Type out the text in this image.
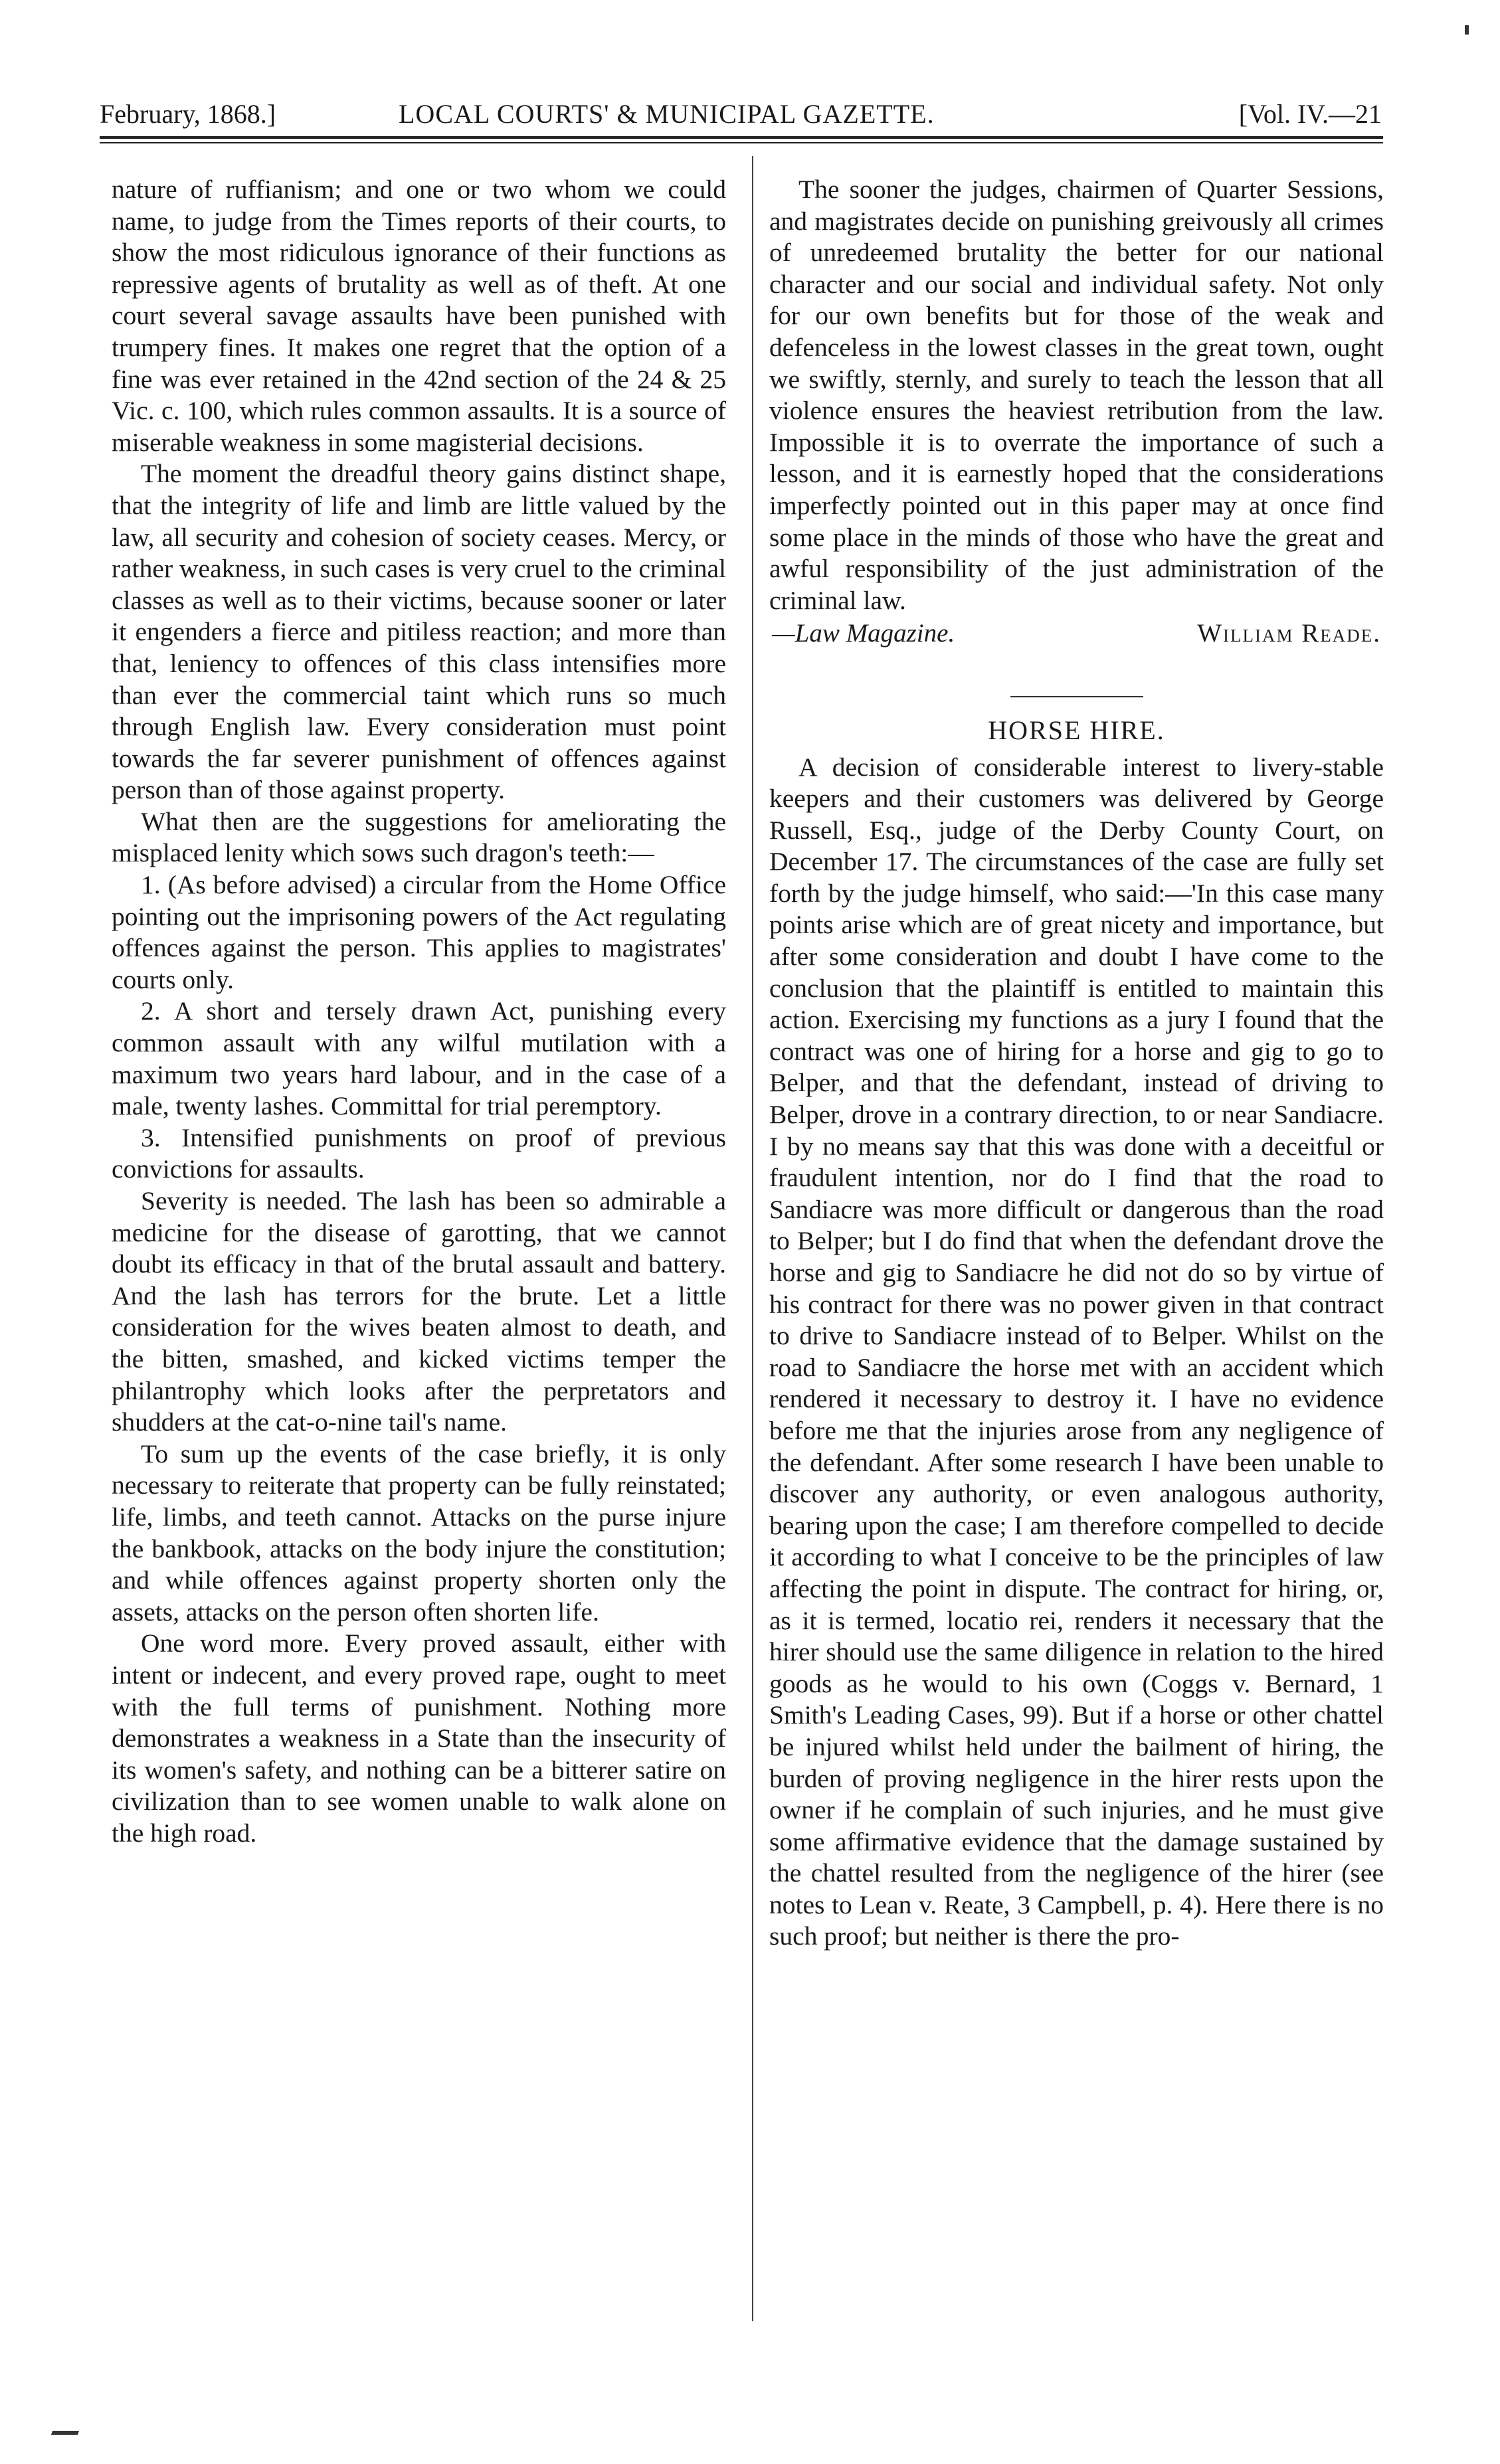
February, 1868.]	LOCAL COURTS' & MUNICIPAL GAZETTE.	[Vol. IV.—21

nature of ruffianism; and one or two whom we could name, to judge from the Times reports of their courts, to show the most ridiculous ignorance of their functions as repressive agents of brutality as well as of theft. At one court several savage assaults have been punished with trumpery fines. It makes one regret that the option of a fine was ever retained in the 42nd section of the 24 & 25 Vic. c. 100, which rules common assaults. It is a source of miserable weakness in some magisterial decisions.

The moment the dreadful theory gains distinct shape, that the integrity of life and limb are little valued by the law, all security and cohesion of society ceases. Mercy, or rather weakness, in such cases is very cruel to the criminal classes as well as to their victims, because sooner or later it engenders a fierce and pitiless reaction; and more than that, leniency to offences of this class intensifies more than ever the commercial taint which runs so much through English law. Every consideration must point towards the far severer punishment of offences against person than of those against property.

What then are the suggestions for ameliorating the misplaced lenity which sows such dragon's teeth:—

1. (As before advised) a circular from the Home Office pointing out the imprisoning powers of the Act regulating offences against the person. This applies to magistrates' courts only.

2. A short and tersely drawn Act, punishing every common assault with any wilful mutilation with a maximum two years hard labour, and in the case of a male, twenty lashes. Committal for trial peremptory.

3. Intensified punishments on proof of previous convictions for assaults.

Severity is needed. The lash has been so admirable a medicine for the disease of garotting, that we cannot doubt its efficacy in that of the brutal assault and battery. And the lash has terrors for the brute. Let a little consideration for the wives beaten almost to death, and the bitten, smashed, and kicked victims temper the philantrophy which looks after the perpretators and shudders at the cat-o-nine tail's name.

To sum up the events of the case briefly, it is only necessary to reiterate that property can be fully reinstated; life, limbs, and teeth cannot. Attacks on the purse injure the bankbook, attacks on the body injure the constitution; and while offences against property shorten only the assets, attacks on the person often shorten life.

One word more. Every proved assault, either with intent or indecent, and every proved rape, ought to meet with the full terms of punishment. Nothing more demonstrates a weakness in a State than the insecurity of its women's safety, and nothing can be a bitterer satire on civilization than to see women unable to walk alone on the high road.

The sooner the judges, chairmen of Quarter Sessions, and magistrates decide on punishing greivously all crimes of unredeemed brutality the better for our national character and our social and individual safety. Not only for our own benefits but for those of the weak and defenceless in the lowest classes in the great town, ought we swiftly, sternly, and surely to teach the lesson that all violence ensures the heaviest retribution from the law. Impossible it is to overrate the importance of such a lesson, and it is earnestly hoped that the considerations imperfectly pointed out in this paper may at once find some place in the minds of those who have the great and awful responsibility of the just administration of the criminal law.

—Law Magazine.	William Reade.
HORSE HIRE.

A decision of considerable interest to livery-stable keepers and their customers was delivered by George Russell, Esq., judge of the Derby County Court, on December 17. The circumstances of the case are fully set forth by the judge himself, who said:—'In this case many points arise which are of great nicety and importance, but after some consideration and doubt I have come to the conclusion that the plaintiff is entitled to maintain this action. Exercising my functions as a jury I found that the contract was one of hiring for a horse and gig to go to Belper, and that the defendant, instead of driving to Belper, drove in a contrary direction, to or near Sandiacre. I by no means say that this was done with a deceitful or fraudulent intention, nor do I find that the road to Sandiacre was more difficult or dangerous than the road to Belper; but I do find that when the defendant drove the horse and gig to Sandiacre he did not do so by virtue of his contract for there was no power given in that contract to drive to Sandiacre instead of to Belper. Whilst on the road to Sandiacre the horse met with an accident which rendered it necessary to destroy it. I have no evidence before me that the injuries arose from any negligence of the defendant. After some research I have been unable to discover any authority, or even analogous authority, bearing upon the case; I am therefore compelled to decide it according to what I conceive to be the principles of law affecting the point in dispute. The contract for hiring, or, as it is termed, locatio rei, renders it necessary that the hirer should use the same diligence in relation to the hired goods as he would to his own (Coggs v. Bernard, 1 Smith's Leading Cases, 99). But if a horse or other chattel be injured whilst held under the bailment of hiring, the burden of proving negligence in the hirer rests upon the owner if he complain of such injuries, and he must give some affirmative evidence that the damage sustained by the chattel resulted from the negligence of the hirer (see notes to Lean v. Reate, 3 Campbell, p. 4). Here there is no such proof; but neither is there the pro-
